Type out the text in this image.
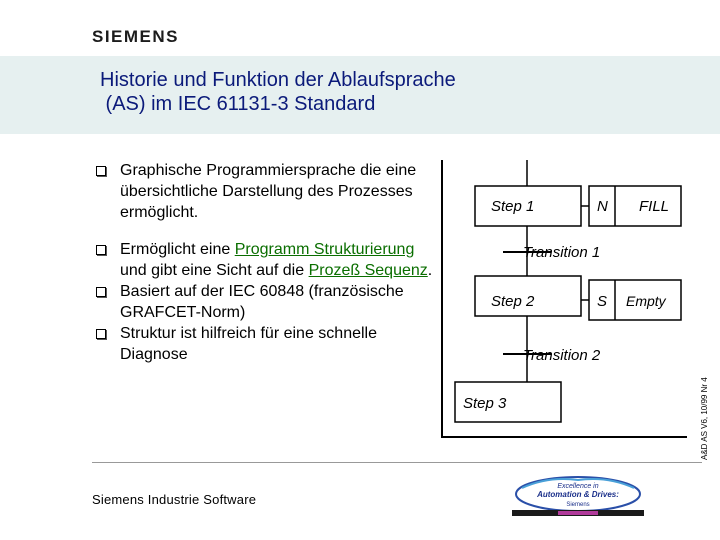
SIEMENS
Historie und Funktion der Ablaufsprache
(AS) im IEC 61131-3 Standard
Graphische Programmiersprache die eine übersichtliche Darstellung des Prozesses ermöglicht.
Ermöglicht eine Programm Strukturierung und gibt eine Sicht auf die Prozeß Sequenz.
Basiert auf der IEC 60848 (französische GRAFCET-Norm)
Struktur ist hilfreich für eine schnelle Diagnose
Step 1	N FILL
Transition 1
Step 2	S Empty
Transition 2
Step 3	A&D AS V6, 10/99 Nr 4
Siemens Industrie Software
Excellence in
Automation & Drives:
Siemens
